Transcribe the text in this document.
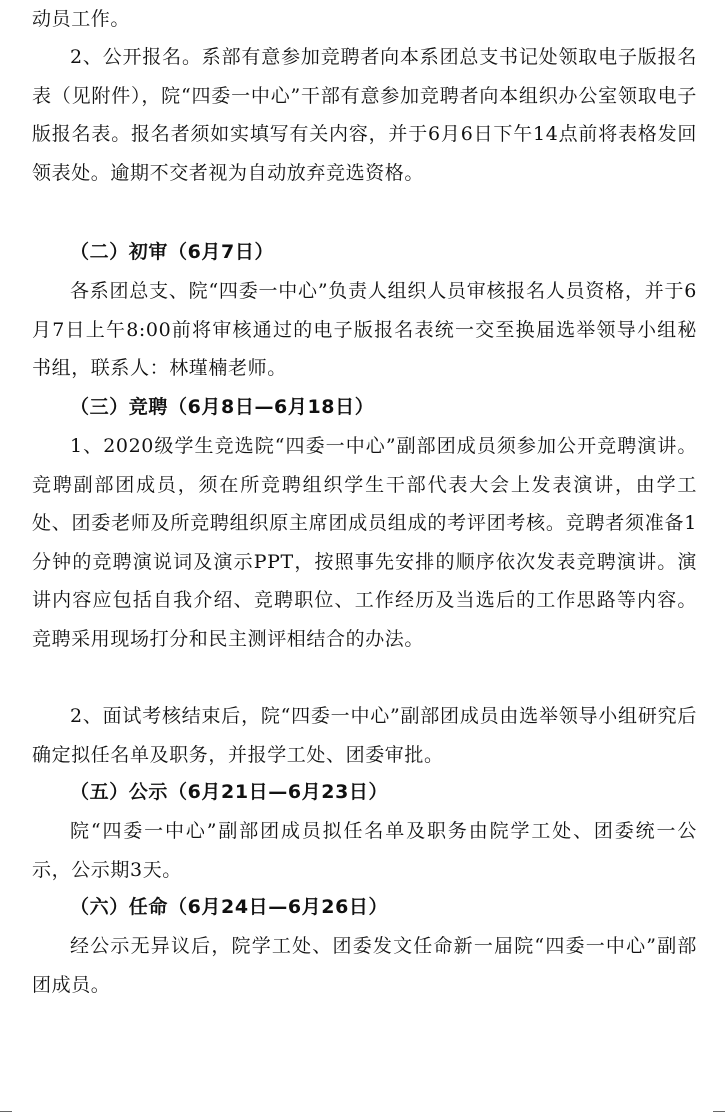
动员工作。
2、公开报名。系部有意参加竞聘者向本系团总支书记处领取电子版报名表（见附件），院“四委一中心”干部有意参加竞聘者向本组织办公室领取电子版报名表。报名者须如实填写有关内容，并于6月6日下午14点前将表格发回领表处。逾期不交者视为自动放弃竞选资格。
（二）初审（6月7日）
各系团总支、院“四委一中心”负责人组织人员审核报名人员资格，并于6月7日上午8:00前将审核通过的电子版报名表统一交至换届选举领导小组秘书组，联系人：林瑾楠老师。
（三）竞聘（6月8日—6月18日）
1、2020级学生竞选院“四委一中心”副部团成员须参加公开竞聘演讲。竞聘副部团成员，须在所竞聘组织学生干部代表大会上发表演讲，由学工处、团委老师及所竞聘组织原主席团成员组成的考评团考核。竞聘者须准备1分钟的竞聘演说词及演示PPT，按照事先安排的顺序依次发表竞聘演讲。演讲内容应包括自我介绍、竞聘职位、工作经历及当选后的工作思路等内容。竞聘采用现场打分和民主测评相结合的办法。
2、面试考核结束后，院“四委一中心”副部团成员由选举领导小组研究后确定拟任名单及职务，并报学工处、团委审批。
（五）公示（6月21日—6月23日）
院“四委一中心”副部团成员拟任名单及职务由院学工处、团委统一公示，公示期3天。
（六）任命（6月24日—6月26日）
经公示无异议后，院学工处、团委发文任命新一届院“四委一中心”副部团成员。
